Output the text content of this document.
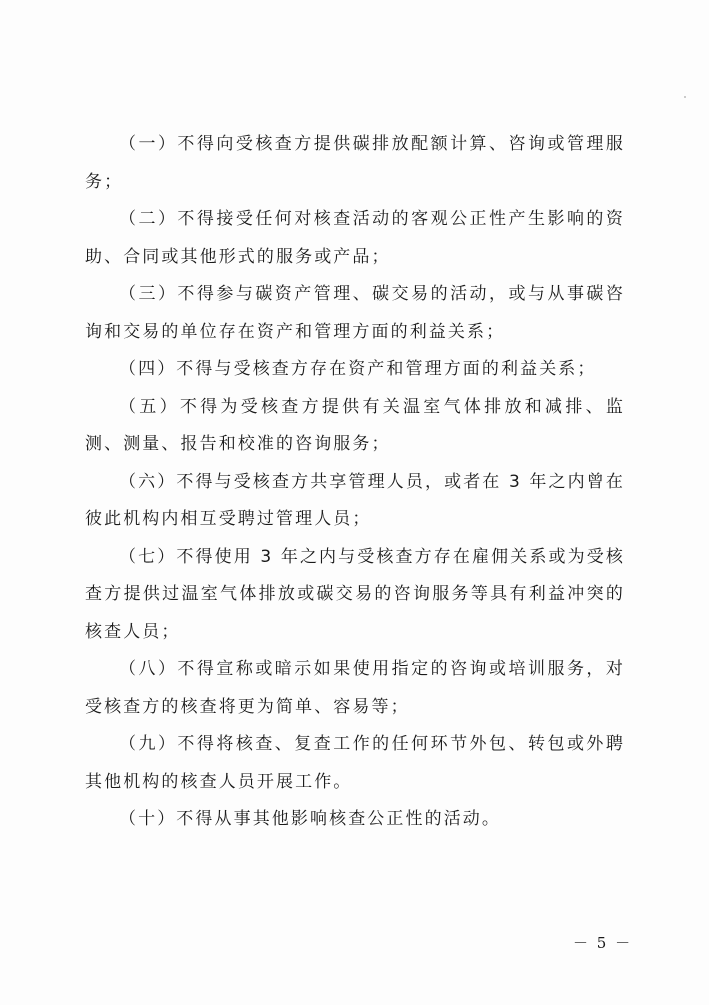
（一）不得向受核查方提供碳排放配额计算、咨询或管理服务；

（二）不得接受任何对核查活动的客观公正性产生影响的资助、合同或其他形式的服务或产品；

（三）不得参与碳资产管理、碳交易的活动，或与从事碳咨询和交易的单位存在资产和管理方面的利益关系；

（四）不得与受核查方存在资产和管理方面的利益关系；

（五）不得为受核查方提供有关温室气体排放和减排、监测、测量、报告和校准的咨询服务；

（六）不得与受核查方共享管理人员，或者在 3 年之内曾在彼此机构内相互受聘过管理人员；

（七）不得使用 3 年之内与受核查方存在雇佣关系或为受核查方提供过温室气体排放或碳交易的咨询服务等具有利益冲突的核查人员；

（八）不得宣称或暗示如果使用指定的咨询或培训服务，对受核查方的核查将更为简单、容易等；

（九）不得将核查、复查工作的任何环节外包、转包或外聘其他机构的核查人员开展工作。

（十）不得从事其他影响核查公正性的活动。

－ 5 －
